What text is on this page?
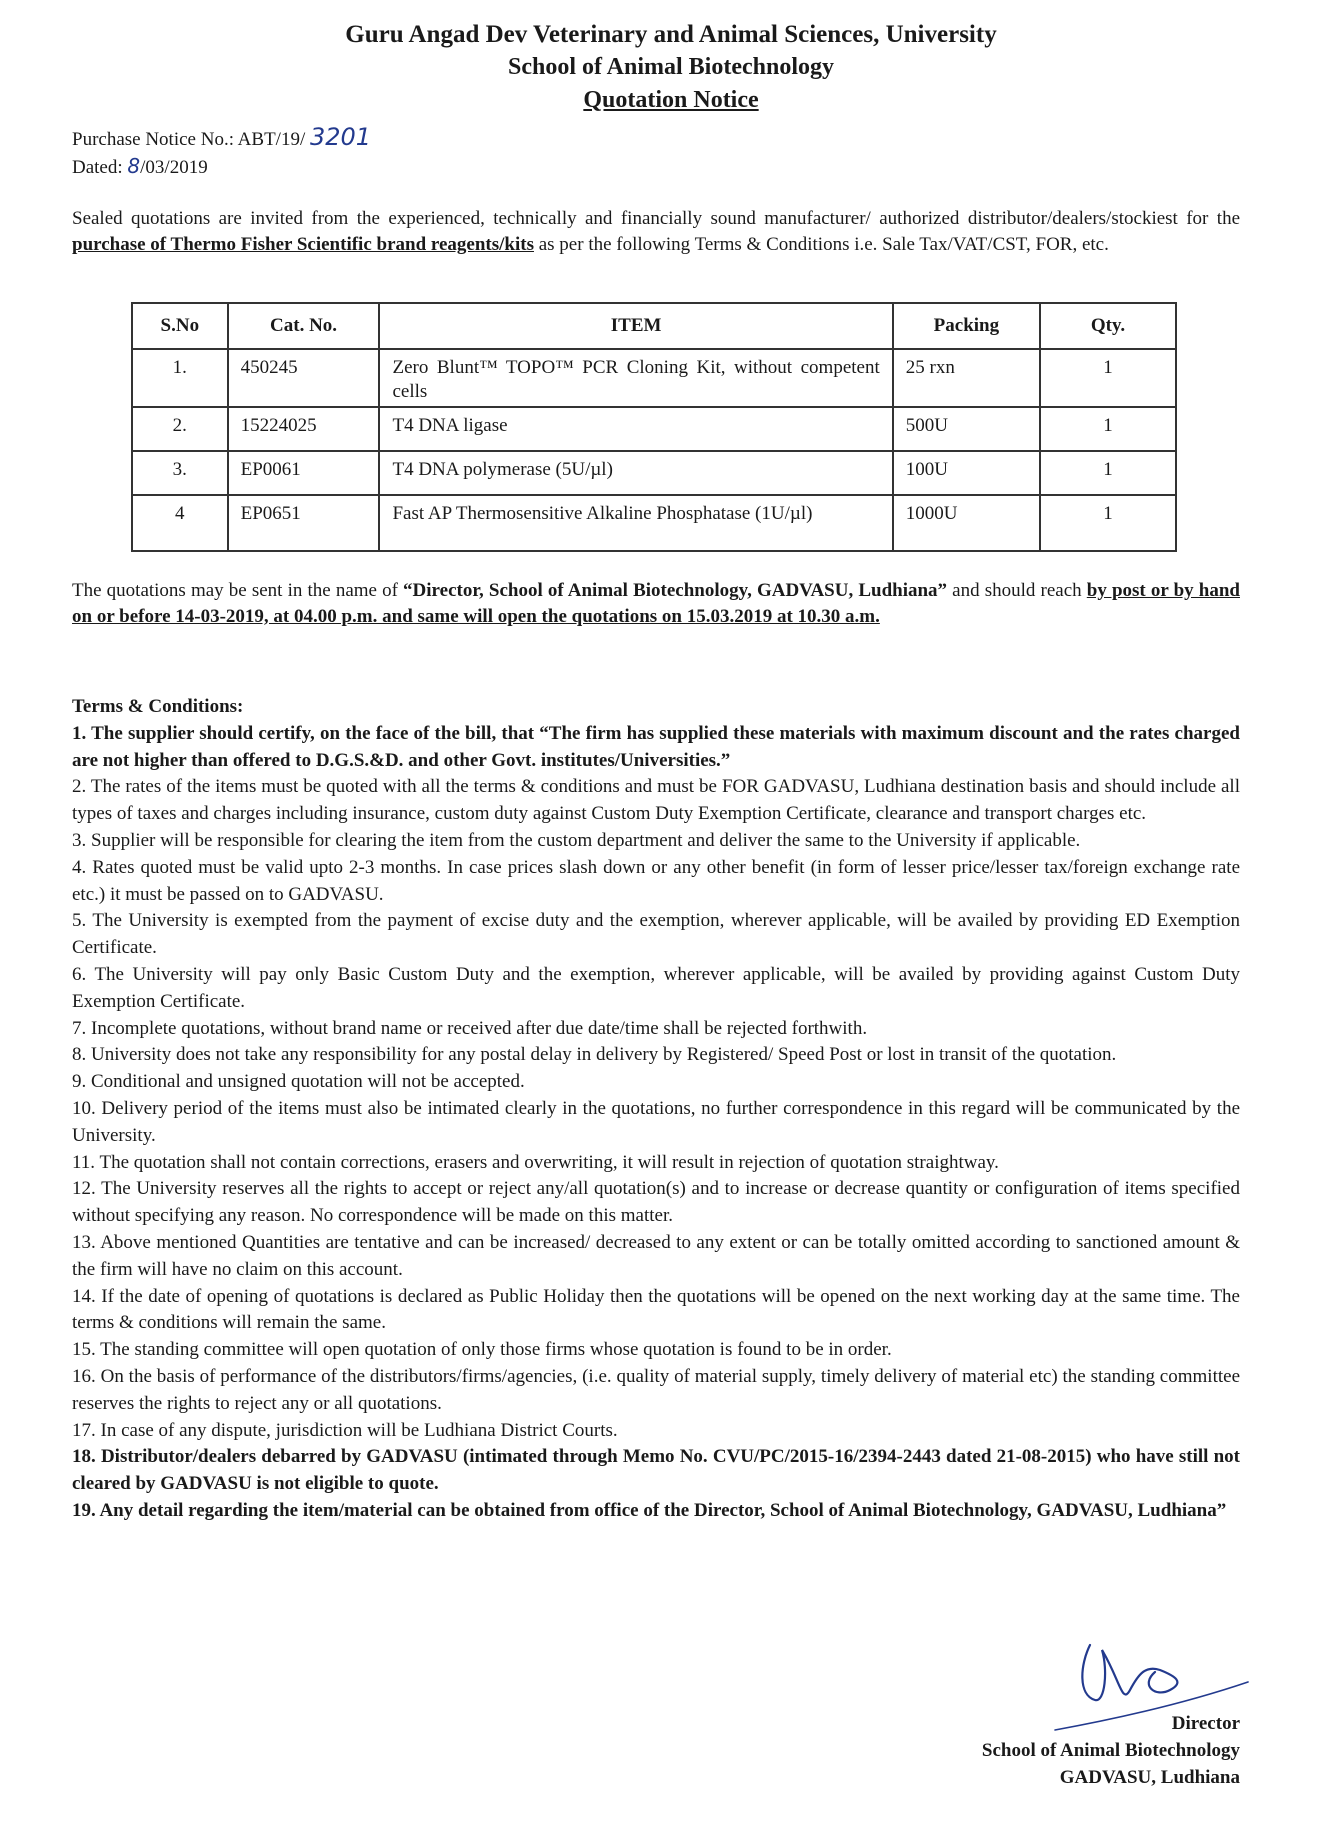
Guru Angad Dev Veterinary and Animal Sciences, University
School of Animal Biotechnology
Quotation Notice
Purchase Notice No.: ABT/19/ 3201
Dated: 8/03/2019
Sealed quotations are invited from the experienced, technically and financially sound manufacturer/ authorized distributor/dealers/stockiest for the purchase of Thermo Fisher Scientific brand reagents/kits as per the following Terms & Conditions i.e. Sale Tax/VAT/CST, FOR, etc.
S.No	Cat. No.	ITEM	Packing	Qty.
1.	450245	Zero Blunt™ TOPO™ PCR Cloning Kit, without competent cells	25 rxn	1
2.	15224025	T4 DNA ligase	500U	1
3.	EP0061	T4 DNA polymerase (5U/µl)	100U	1
4	EP0651	Fast AP Thermosensitive Alkaline Phosphatase (1U/µl)	1000U	1
The quotations may be sent in the name of “Director, School of Animal Biotechnology, GADVASU, Ludhiana” and should reach by post or by hand on or before 14-03-2019, at 04.00 p.m. and same will open the quotations on 15.03.2019 at 10.30 a.m.
Terms & Conditions:

1. The supplier should certify, on the face of the bill, that “The firm has supplied these materials with maximum discount and the rates charged are not higher than offered to D.G.S.&D. and other Govt. institutes/Universities.”

2. The rates of the items must be quoted with all the terms & conditions and must be FOR GADVASU, Ludhiana destination basis and should include all types of taxes and charges including insurance, custom duty against Custom Duty Exemption Certificate, clearance and transport charges etc.

3. Supplier will be responsible for clearing the item from the custom department and deliver the same to the University if applicable.

4. Rates quoted must be valid upto 2-3 months. In case prices slash down or any other benefit (in form of lesser price/lesser tax/foreign exchange rate etc.) it must be passed on to GADVASU.

5. The University is exempted from the payment of excise duty and the exemption, wherever applicable, will be availed by providing ED Exemption Certificate.

6. The University will pay only Basic Custom Duty and the exemption, wherever applicable, will be availed by providing against Custom Duty Exemption Certificate.

7. Incomplete quotations, without brand name or received after due date/time shall be rejected forthwith.

8. University does not take any responsibility for any postal delay in delivery by Registered/ Speed Post or lost in transit of the quotation.

9. Conditional and unsigned quotation will not be accepted.

10. Delivery period of the items must also be intimated clearly in the quotations, no further correspondence in this regard will be communicated by the University.

11. The quotation shall not contain corrections, erasers and overwriting, it will result in rejection of quotation straightway.

12. The University reserves all the rights to accept or reject any/all quotation(s) and to increase or decrease quantity or configuration of items specified without specifying any reason. No correspondence will be made on this matter.

13. Above mentioned Quantities are tentative and can be increased/ decreased to any extent or can be totally omitted according to sanctioned amount & the firm will have no claim on this account.

14. If the date of opening of quotations is declared as Public Holiday then the quotations will be opened on the next working day at the same time. The terms & conditions will remain the same.

15. The standing committee will open quotation of only those firms whose quotation is found to be in order.

16. On the basis of performance of the distributors/firms/agencies, (i.e. quality of material supply, timely delivery of material etc) the standing committee reserves the rights to reject any or all quotations.

17. In case of any dispute, jurisdiction will be Ludhiana District Courts.

18. Distributor/dealers debarred by GADVASU (intimated through Memo No. CVU/PC/2015-16/2394-2443 dated 21-08-2015) who have still not cleared by GADVASU is not eligible to quote.

19. Any detail regarding the item/material can be obtained from office of the Director, School of Animal Biotechnology, GADVASU, Ludhiana”

Director
School of Animal Biotechnology
GADVASU, Ludhiana
